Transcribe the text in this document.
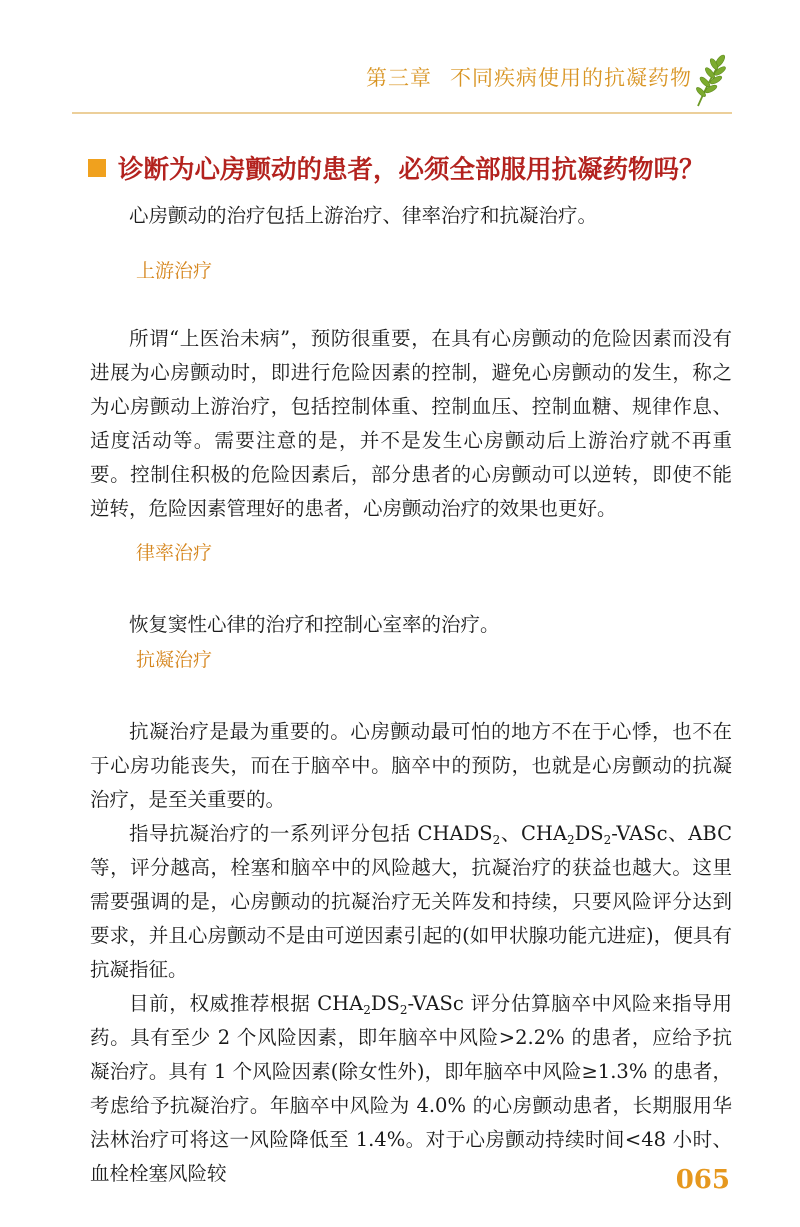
第三章 不同疾病使用的抗凝药物
诊断为心房颤动的患者，必须全部服用抗凝药物吗？

心房颤动的治疗包括上游治疗、律率治疗和抗凝治疗。

上游治疗

所谓“上医治未病”，预防很重要，在具有心房颤动的危险因素而没有进展为心房颤动时，即进行危险因素的控制，避免心房颤动的发生，称之为心房颤动上游治疗，包括控制体重、控制血压、控制血糖、规律作息、适度活动等。需要注意的是，并不是发生心房颤动后上游治疗就不再重要。控制住积极的危险因素后，部分患者的心房颤动可以逆转，即使不能逆转，危险因素管理好的患者，心房颤动治疗的效果也更好。

律率治疗

恢复窦性心律的治疗和控制心室率的治疗。

抗凝治疗

抗凝治疗是最为重要的。心房颤动最可怕的地方不在于心悸，也不在于心房功能丧失，而在于脑卒中。脑卒中的预防，也就是心房颤动的抗凝治疗，是至关重要的。

指导抗凝治疗的一系列评分包括 $CHADS_2$、$CHA_2DS_2$-VASc、ABC 等，评分越高，栓塞和脑卒中的风险越大，抗凝治疗的获益也越大。这里需要强调的是，心房颤动的抗凝治疗无关阵发和持续，只要风险评分达到要求，并且心房颤动不是由可逆因素引起的(如甲状腺功能亢进症)，便具有抗凝指征。

目前，权威推荐根据 $CHA_2DS_2$-VASc 评分估算脑卒中风险来指导用药。具有至少 2 个风险因素，即年脑卒中风险>2.2% 的患者，应给予抗凝治疗。具有 1 个风险因素(除女性外)，即年脑卒中风险≥1.3% 的患者，考虑给予抗凝治疗。年脑卒中风险为 4.0% 的心房颤动患者，长期服用华法林治疗可将这一风险降低至 1.4%。对于心房颤动持续时间<48 小时、血栓栓塞风险较	065
